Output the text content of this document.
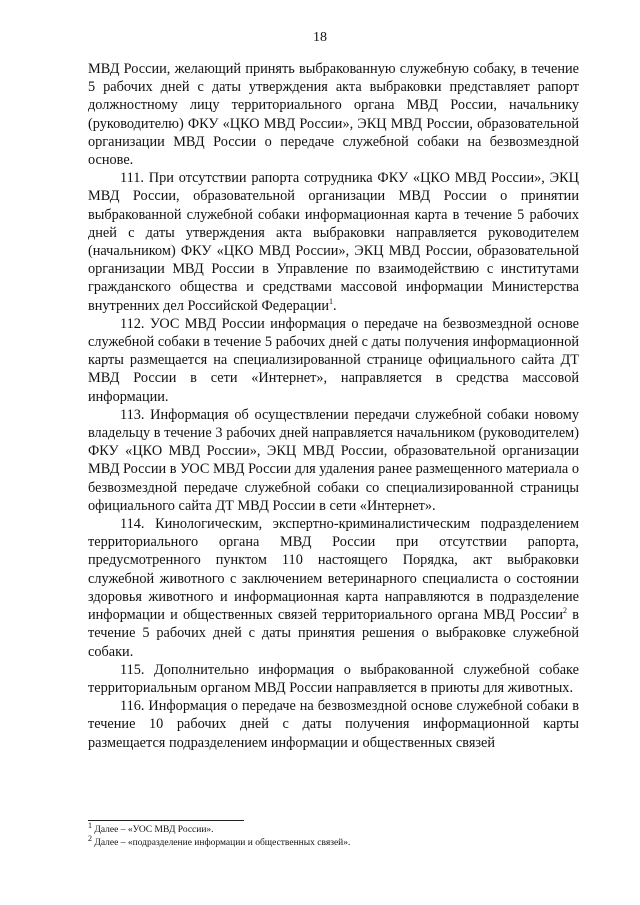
18

МВД России, желающий принять выбракованную служебную собаку, в течение 5 рабочих дней с даты утверждения акта выбраковки представляет рапорт должностному лицу территориального органа МВД России, начальнику (руководителю) ФКУ «ЦКО МВД России», ЭКЦ МВД России, образовательной организации МВД России о передаче служебной собаки на безвозмездной основе.

111. При отсутствии рапорта сотрудника ФКУ «ЦКО МВД России», ЭКЦ МВД России, образовательной организации МВД России о принятии выбракованной служебной собаки информационная карта в течение 5 рабочих дней с даты утверждения акта выбраковки направляется руководителем (начальником) ФКУ «ЦКО МВД России», ЭКЦ МВД России, образовательной организации МВД России в Управление по взаимодействию с институтами гражданского общества и средствами массовой информации Министерства внутренних дел Российской Федерации$^1$.

112. УОС МВД России информация о передаче на безвозмездной основе служебной собаки в течение 5 рабочих дней с даты получения информационной карты размещается на специализированной странице официального сайта ДТ МВД России в сети «Интернет», направляется в средства массовой информации.

113. Информация об осуществлении передачи служебной собаки новому владельцу в течение 3 рабочих дней направляется начальником (руководителем) ФКУ «ЦКО МВД России», ЭКЦ МВД России, образовательной организации МВД России в УОС МВД России для удаления ранее размещенного материала о безвозмездной передаче служебной собаки со специализированной страницы официального сайта ДТ МВД России в сети «Интернет».

114. Кинологическим, экспертно-криминалистическим подразделением территориального органа МВД России при отсутствии рапорта, предусмотренного пунктом 110 настоящего Порядка, акт выбраковки служебной животного с заключением ветеринарного специалиста о состоянии здоровья животного и информационная карта направляются в подразделение информации и общественных связей территориального органа МВД России$^2$ в течение 5 рабочих дней с даты принятия решения о выбраковке служебной собаки.

115. Дополнительно информация о выбракованной служебной собаке территориальным органом МВД России направляется в приюты для животных.

116. Информация о передаче на безвозмездной основе служебной собаки в течение 10 рабочих дней с даты получения информационной карты размещается подразделением информации и общественных связей

$^1$ Далее – «УОС МВД России».
$^2$ Далее – «подразделение информации и общественных связей».
